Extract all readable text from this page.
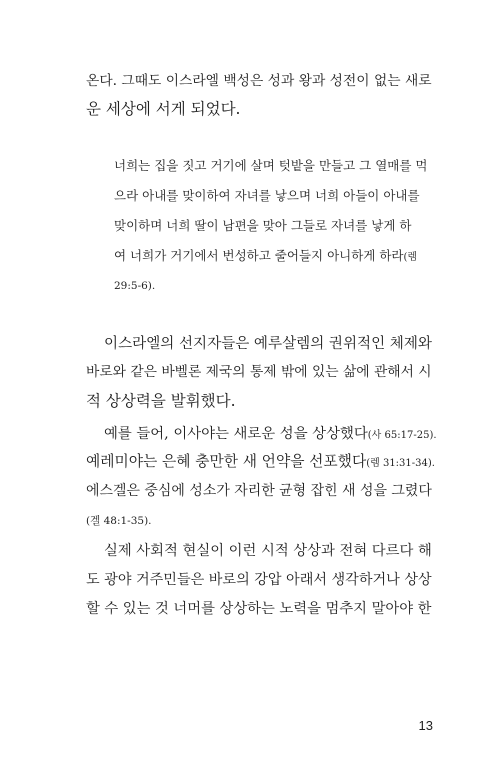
온다. 그때도 이스라엘 백성은 성과 왕과 성전이 없는 새로
운 세상에 서게 되었다.
너희는 집을 짓고 거기에 살며 텃밭을 만들고 그 열매를 먹
으라 아내를 맞이하여 자녀를 낳으며 너희 아들이 아내를
맞이하며 너희 딸이 남편을 맞아 그들로 자녀를 낳게 하
여 너희가 거기에서 번성하고 줄어들지 아니하게 하라(렘
29:5-6).
이스라엘의 선지자들은 예루살렘의 권위적인 체제와
바로와 같은 바벨론 제국의 통제 밖에 있는 삶에 관해서 시
적 상상력을 발휘했다.
예를 들어, 이사야는 새로운 성을 상상했다(사 65:17-25).
예레미야는 은혜 충만한 새 언약을 선포했다(렘 31:31-34).
에스겔은 중심에 성소가 자리한 균형 잡힌 새 성을 그렸다
(겔 48:1-35).
실제 사회적 현실이 이런 시적 상상과 전혀 다르다 해
도 광야 거주민들은 바로의 강압 아래서 생각하거나 상상
할 수 있는 것 너머를 상상하는 노력을 멈추지 말아야 한
13
